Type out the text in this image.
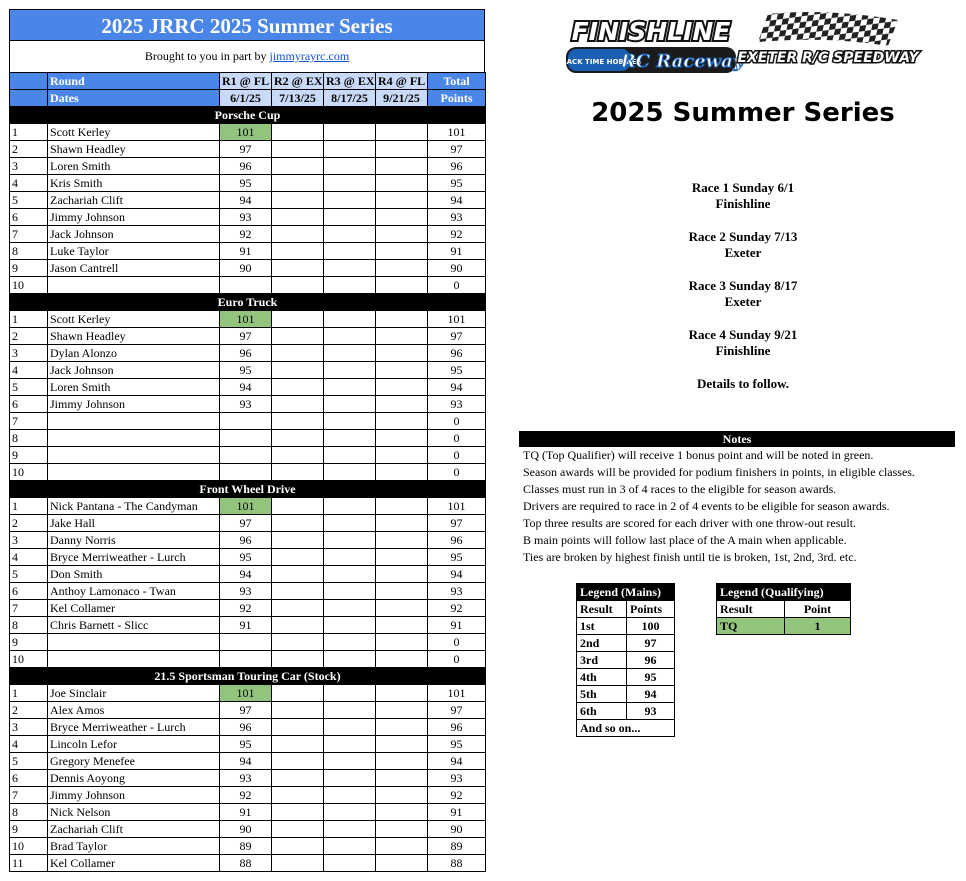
2025 JRRC 2025 Summer Series
Brought to you in part by jimmyrayrc.com
	Round	R1 @ FL	R2 @ EX	R3 @ EX	R4 @ FL	Total
	Dates	6/1/25	7/13/25	8/17/25	9/21/25	Points
Porsche Cup						
1	Scott Kerley	101				101
2	Shawn Headley	97				97
3	Loren Smith	96				96
4	Kris Smith	95				95
5	Zachariah Clift	94				94
6	Jimmy Johnson	93				93
7	Jack Johnson	92				92
8	Luke Taylor	91				91
9	Jason Cantrell	90				90
10						0
Euro Truck						
1	Scott Kerley	101				101
2	Shawn Headley	97				97
3	Dylan Alonzo	96				96
4	Jack Johnson	95				95
5	Loren Smith	94				94
6	Jimmy Johnson	93				93
7						0
8						0
9						0
10						0
Front Wheel Drive						
1	Nick Pantana - The Candyman	101				101
2	Jake Hall	97				97
3	Danny Norris	96				96
4	Bryce Merriweather - Lurch	95				95
5	Don Smith	94				94
6	Anthoy Lamonaco - Twan	93				93
7	Kel Collamer	92				92
8	Chris Barnett - Slicc	91				91
9						0
10						0
21.5 Sportsman Touring Car (Stock)						
1	Joe Sinclair	101				101
2	Alex Amos	97				97
3	Bryce Merriweather - Lurch	96				96
4	Lincoln Lefor	95				95
5	Gregory Menefee	94				94
6	Dennis Aoyong	93				93
7	Jimmy Johnson	92				92
8	Nick Nelson	91				91
9	Zachariah Clift	90				90
10	Brad Taylor	89				89
11	Kel Collamer	88				88
FINISHLINE
TRACK TIME HOBBIES
RC Raceway
EXETER R/C SPEEDWAY
2025 Summer Series
Race 1 Sunday 6/1
Finishline
Race 2 Sunday 7/13
Exeter
Race 3 Sunday 8/17
Exeter
Race 4 Sunday 9/21
Finishline
Details to follow.
Notes
TQ (Top Qualifier) will receive 1 bonus point and will be noted in green.
Season awards will be provided for podium finishers in points, in eligible classes.
Classes must run in 3 of 4 races to the eligible for season awards.
Drivers are required to race in 2 of 4 events to be eligible for season awards.
Top three results are scored for each driver with one throw-out result.
B main points will follow last place of the A main when applicable.
Ties are broken by highest finish until tie is broken, 1st, 2nd, 3rd. etc.
Legend (Mains)	
Result	Points
1st	100
2nd	97
3rd	96
4th	95
5th	94
6th	93
And so on...	
Legend (Qualifying)	
Result	Point
TQ	1
